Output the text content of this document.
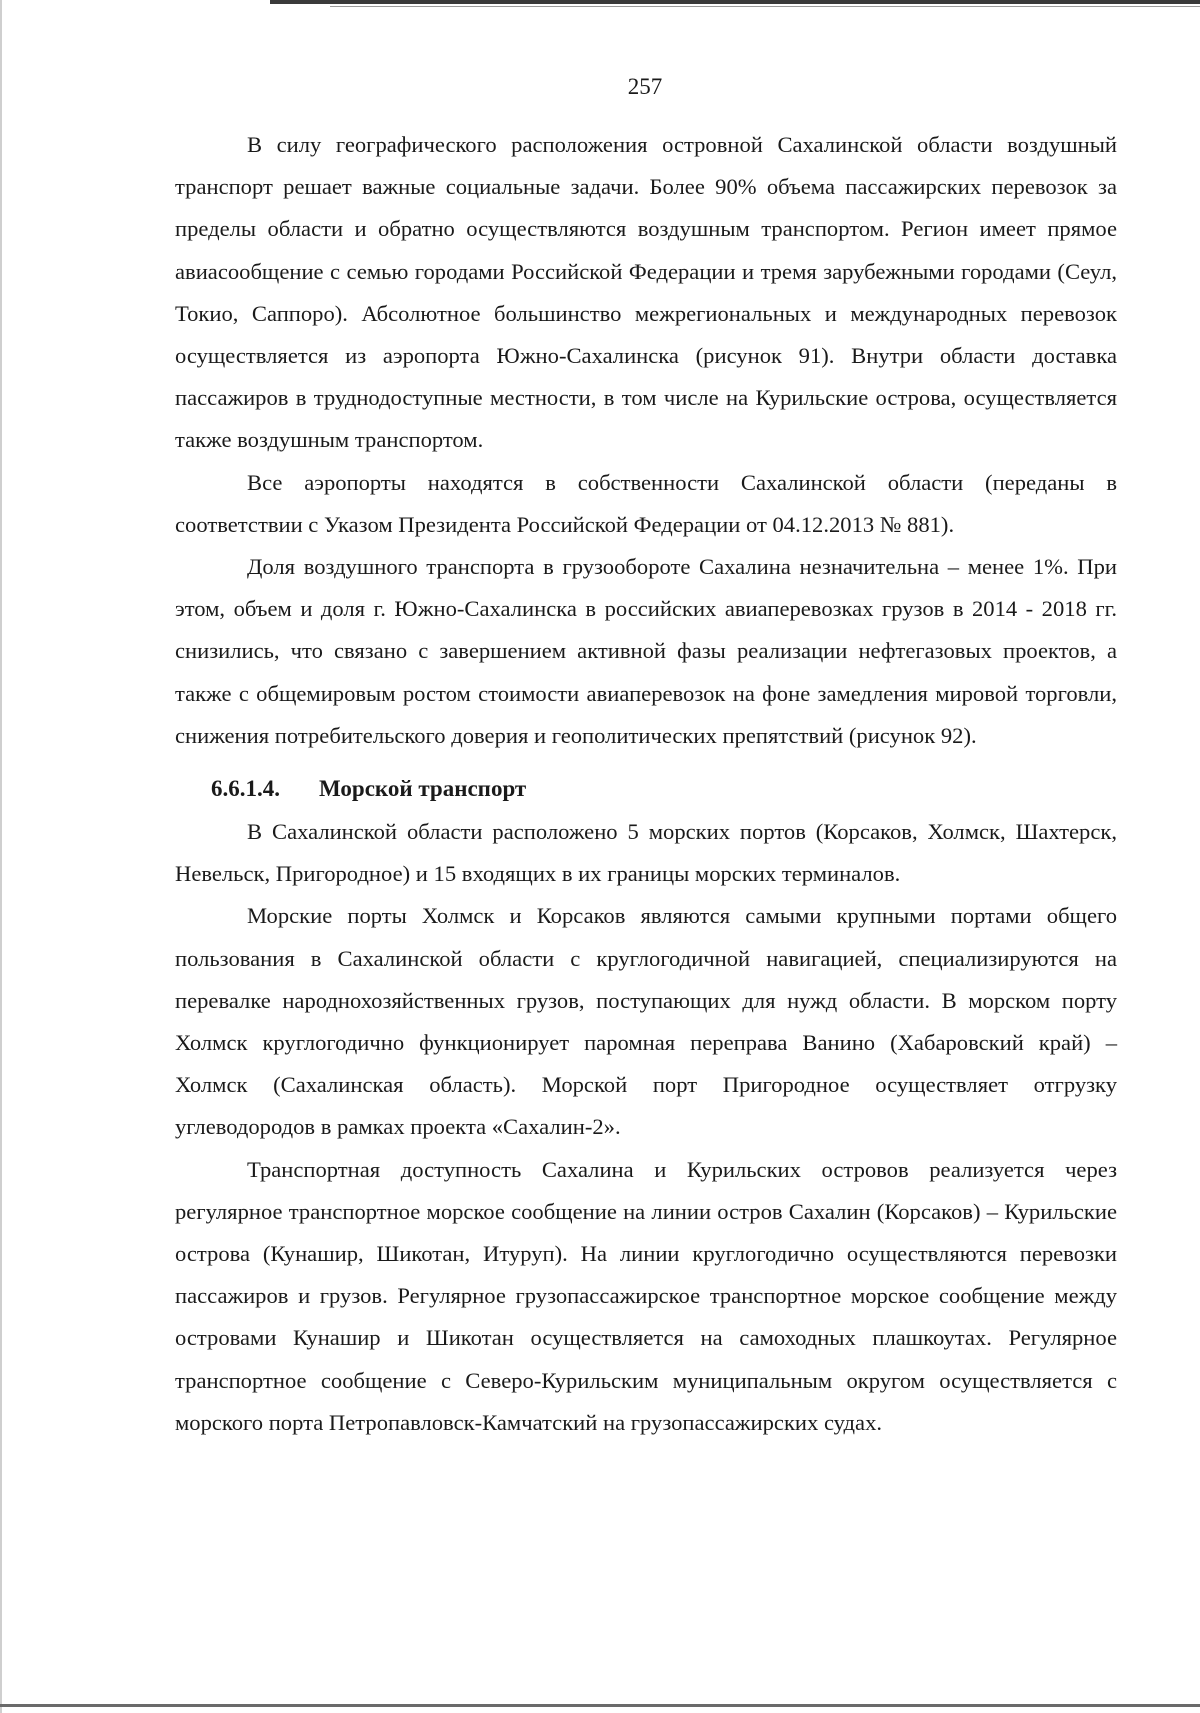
257

В силу географического расположения островной Сахалинской области воздушный транспорт решает важные социальные задачи. Более 90% объема пассажирских перевозок за пределы области и обратно осуществляются воздушным транспортом. Регион имеет прямое авиасообщение с семью городами Российской Федерации и тремя зарубежными городами (Сеул, Токио, Саппоро). Абсолютное большинство межрегиональных и международных перевозок осуществляется из аэропорта Южно-Сахалинска (рисунок 91). Внутри области доставка пассажиров в труднодоступные местности, в том числе на Курильские острова, осуществляется также воздушным транспортом.

Все аэропорты находятся в собственности Сахалинской области (переданы в соответствии с Указом Президента Российской Федерации от 04.12.2013 № 881).

Доля воздушного транспорта в грузообороте Сахалина незначительна – менее 1%. При этом, объем и доля г. Южно-Сахалинска в российских авиаперевозках грузов в 2014 - 2018 гг. снизились, что связано с завершением активной фазы реализации нефтегазовых проектов, а также с общемировым ростом стоимости авиаперевозок на фоне замедления мировой торговли, снижения потребительского доверия и геополитических препятствий (рисунок 92).

6.6.1.4. Морской транспорт

В Сахалинской области расположено 5 морских портов (Корсаков, Холмск, Шахтерск, Невельск, Пригородное) и 15 входящих в их границы морских терминалов.

Морские порты Холмск и Корсаков являются самыми крупными портами общего пользования в Сахалинской области с круглогодичной навигацией, специализируются на перевалке народнохозяйственных грузов, поступающих для нужд области. В морском порту Холмск круглогодично функционирует паромная переправа Ванино (Хабаровский край) – Холмск (Сахалинская область). Морской порт Пригородное осуществляет отгрузку углеводородов в рамках проекта «Сахалин-2».

Транспортная доступность Сахалина и Курильских островов реализуется через регулярное транспортное морское сообщение на линии остров Сахалин (Корсаков) – Курильские острова (Кунашир, Шикотан, Итуруп). На линии круглогодично осуществляются перевозки пассажиров и грузов. Регулярное грузопассажирское транспортное морское сообщение между островами Кунашир и Шикотан осуществляется на самоходных плашкоутах. Регулярное транспортное сообщение с Северо-Курильским муниципальным округом осуществляется с морского порта Петропавловск-Камчатский на грузопассажирских судах.
